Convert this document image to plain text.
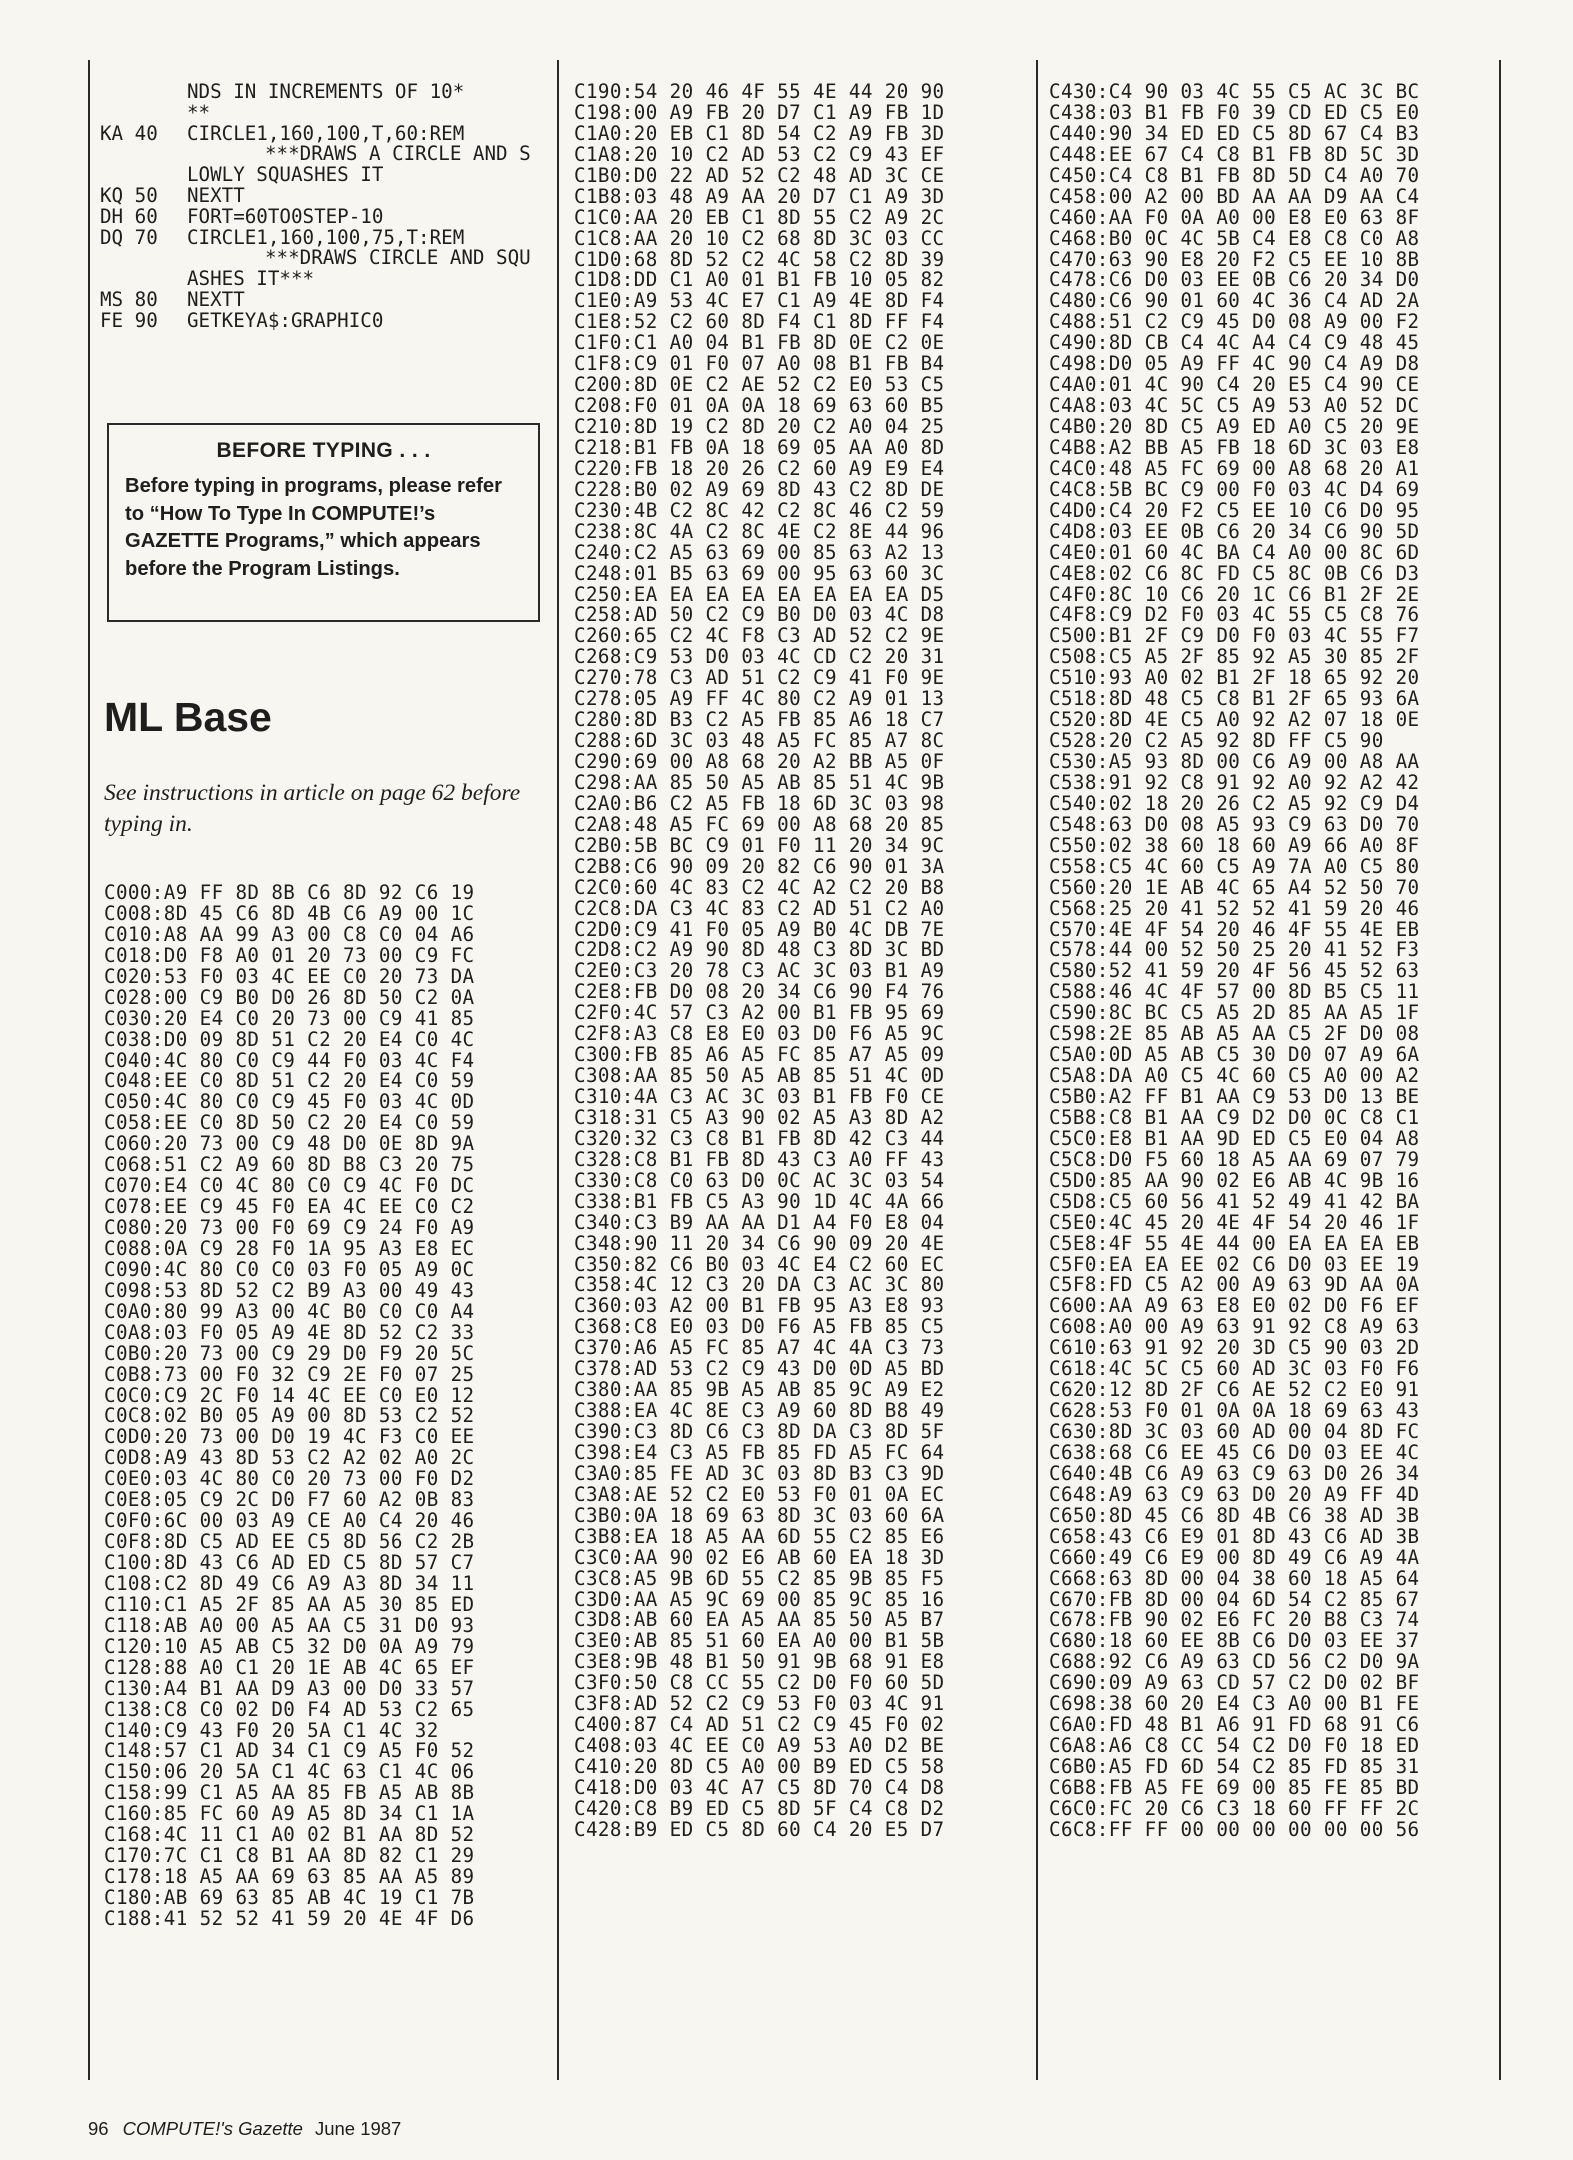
NDS IN INCREMENTS OF 10*
**
KA 40 CIRCLE1,160,100,T,60:REM
***DRAWS A CIRCLE AND S
LOWLY SQUASHES IT
KQ 50 NEXTT
DH 60 FORT=60TO0STEP-10
DQ 70 CIRCLE1,160,100,75,T:REM
***DRAWS CIRCLE AND SQU
ASHES IT***
MS 80 NEXTT
FE 90 GETKEYA$:GRAPHIC0
BEFORE TYPING . . .
Before typing in programs, please refer to “How To Type In COMPUTE!’s GAZETTE Programs,” which appears before the Program Listings.
ML Base
See instructions in article on page 62 before typing in.
C000:A9 FF 8D 8B C6 8D 92 C6 19
C008:8D 45 C6 8D 4B C6 A9 00 1C
C010:A8 AA 99 A3 00 C8 C0 04 A6
C018:D0 F8 A0 01 20 73 00 C9 FC
C020:53 F0 03 4C EE C0 20 73 DA
C028:00 C9 B0 D0 26 8D 50 C2 0A
C030:20 E4 C0 20 73 00 C9 41 85
C038:D0 09 8D 51 C2 20 E4 C0 4C
C040:4C 80 C0 C9 44 F0 03 4C F4
C048:EE C0 8D 51 C2 20 E4 C0 59
C050:4C 80 C0 C9 45 F0 03 4C 0D
C058:EE C0 8D 50 C2 20 E4 C0 59
C060:20 73 00 C9 48 D0 0E 8D 9A
C068:51 C2 A9 60 8D B8 C3 20 75
C070:E4 C0 4C 80 C0 C9 4C F0 DC
C078:EE C9 45 F0 EA 4C EE C0 C2
C080:20 73 00 F0 69 C9 24 F0 A9
C088:0A C9 28 F0 1A 95 A3 E8 EC
C090:4C 80 C0 C0 03 F0 05 A9 0C
C098:53 8D 52 C2 B9 A3 00 49 43
C0A0:80 99 A3 00 4C B0 C0 C0 A4
C0A8:03 F0 05 A9 4E 8D 52 C2 33
C0B0:20 73 00 C9 29 D0 F9 20 5C
C0B8:73 00 F0 32 C9 2E F0 07 25
C0C0:C9 2C F0 14 4C EE C0 E0 12
C0C8:02 B0 05 A9 00 8D 53 C2 52
C0D0:20 73 00 D0 19 4C F3 C0 EE
C0D8:A9 43 8D 53 C2 A2 02 A0 2C
C0E0:03 4C 80 C0 20 73 00 F0 D2
C0E8:05 C9 2C D0 F7 60 A2 0B 83
C0F0:6C 00 03 A9 CE A0 C4 20 46
C0F8:8D C5 AD EE C5 8D 56 C2 2B
C100:8D 43 C6 AD ED C5 8D 57 C7
C108:C2 8D 49 C6 A9 A3 8D 34 11
C110:C1 A5 2F 85 AA A5 30 85 ED
C118:AB A0 00 A5 AA C5 31 D0 93
C120:10 A5 AB C5 32 D0 0A A9 79
C128:88 A0 C1 20 1E AB 4C 65 EF
C130:A4 B1 AA D9 A3 00 D0 33 57
C138:C8 C0 02 D0 F4 AD 53 C2 65
C140:C9 43 F0 20 5A C1 4C 32
C148:57 C1 AD 34 C1 C9 A5 F0 52
C150:06 20 5A C1 4C 63 C1 4C 06
C158:99 C1 A5 AA 85 FB A5 AB 8B
C160:85 FC 60 A9 A5 8D 34 C1 1A
C168:4C 11 C1 A0 02 B1 AA 8D 52
C170:7C C1 C8 B1 AA 8D 82 C1 29
C178:18 A5 AA 69 63 85 AA A5 89
C180:AB 69 63 85 AB 4C 19 C1 7B
C188:41 52 52 41 59 20 4E 4F D6
C190:54 20 46 4F 55 4E 44 20 90
C198:00 A9 FB 20 D7 C1 A9 FB 1D
C1A0:20 EB C1 8D 54 C2 A9 FB 3D
C1A8:20 10 C2 AD 53 C2 C9 43 EF
C1B0:D0 22 AD 52 C2 48 AD 3C CE
C1B8:03 48 A9 AA 20 D7 C1 A9 3D
C1C0:AA 20 EB C1 8D 55 C2 A9 2C
C1C8:AA 20 10 C2 68 8D 3C 03 CC
C1D0:68 8D 52 C2 4C 58 C2 8D 39
C1D8:DD C1 A0 01 B1 FB 10 05 82
C1E0:A9 53 4C E7 C1 A9 4E 8D F4
C1E8:52 C2 60 8D F4 C1 8D FF F4
C1F0:C1 A0 04 B1 FB 8D 0E C2 0E
C1F8:C9 01 F0 07 A0 08 B1 FB B4
C200:8D 0E C2 AE 52 C2 E0 53 C5
C208:F0 01 0A 0A 18 69 63 60 B5
C210:8D 19 C2 8D 20 C2 A0 04 25
C218:B1 FB 0A 18 69 05 AA A0 8D
C220:FB 18 20 26 C2 60 A9 E9 E4
C228:B0 02 A9 69 8D 43 C2 8D DE
C230:4B C2 8C 42 C2 8C 46 C2 59
C238:8C 4A C2 8C 4E C2 8E 44 96
C240:C2 A5 63 69 00 85 63 A2 13
C248:01 B5 63 69 00 95 63 60 3C
C250:EA EA EA EA EA EA EA EA D5
C258:AD 50 C2 C9 B0 D0 03 4C D8
C260:65 C2 4C F8 C3 AD 52 C2 9E
C268:C9 53 D0 03 4C CD C2 20 31
C270:78 C3 AD 51 C2 C9 41 F0 9E
C278:05 A9 FF 4C 80 C2 A9 01 13
C280:8D B3 C2 A5 FB 85 A6 18 C7
C288:6D 3C 03 48 A5 FC 85 A7 8C
C290:69 00 A8 68 20 A2 BB A5 0F
C298:AA 85 50 A5 AB 85 51 4C 9B
C2A0:B6 C2 A5 FB 18 6D 3C 03 98
C2A8:48 A5 FC 69 00 A8 68 20 85
C2B0:5B BC C9 01 F0 11 20 34 9C
C2B8:C6 90 09 20 82 C6 90 01 3A
C2C0:60 4C 83 C2 4C A2 C2 20 B8
C2C8:DA C3 4C 83 C2 AD 51 C2 A0
C2D0:C9 41 F0 05 A9 B0 4C DB 7E
C2D8:C2 A9 90 8D 48 C3 8D 3C BD
C2E0:C3 20 78 C3 AC 3C 03 B1 A9
C2E8:FB D0 08 20 34 C6 90 F4 76
C2F0:4C 57 C3 A2 00 B1 FB 95 69
C2F8:A3 C8 E8 E0 03 D0 F6 A5 9C
C300:FB 85 A6 A5 FC 85 A7 A5 09
C308:AA 85 50 A5 AB 85 51 4C 0D
C310:4A C3 AC 3C 03 B1 FB F0 CE
C318:31 C5 A3 90 02 A5 A3 8D A2
C320:32 C3 C8 B1 FB 8D 42 C3 44
C328:C8 B1 FB 8D 43 C3 A0 FF 43
C330:C8 C0 63 D0 0C AC 3C 03 54
C338:B1 FB C5 A3 90 1D 4C 4A 66
C340:C3 B9 AA AA D1 A4 F0 E8 04
C348:90 11 20 34 C6 90 09 20 4E
C350:82 C6 B0 03 4C E4 C2 60 EC
C358:4C 12 C3 20 DA C3 AC 3C 80
C360:03 A2 00 B1 FB 95 A3 E8 93
C368:C8 E0 03 D0 F6 A5 FB 85 C5
C370:A6 A5 FC 85 A7 4C 4A C3 73
C378:AD 53 C2 C9 43 D0 0D A5 BD
C380:AA 85 9B A5 AB 85 9C A9 E2
C388:EA 4C 8E C3 A9 60 8D B8 49
C390:C3 8D C6 C3 8D DA C3 8D 5F
C398:E4 C3 A5 FB 85 FD A5 FC 64
C3A0:85 FE AD 3C 03 8D B3 C3 9D
C3A8:AE 52 C2 E0 53 F0 01 0A EC
C3B0:0A 18 69 63 8D 3C 03 60 6A
C3B8:EA 18 A5 AA 6D 55 C2 85 E6
C3C0:AA 90 02 E6 AB 60 EA 18 3D
C3C8:A5 9B 6D 55 C2 85 9B 85 F5
C3D0:AA A5 9C 69 00 85 9C 85 16
C3D8:AB 60 EA A5 AA 85 50 A5 B7
C3E0:AB 85 51 60 EA A0 00 B1 5B
C3E8:9B 48 B1 50 91 9B 68 91 E8
C3F0:50 C8 CC 55 C2 D0 F0 60 5D
C3F8:AD 52 C2 C9 53 F0 03 4C 91
C400:87 C4 AD 51 C2 C9 45 F0 02
C408:03 4C EE C0 A9 53 A0 D2 BE
C410:20 8D C5 A0 00 B9 ED C5 58
C418:D0 03 4C A7 C5 8D 70 C4 D8
C420:C8 B9 ED C5 8D 5F C4 C8 D2
C428:B9 ED C5 8D 60 C4 20 E5 D7
C430:C4 90 03 4C 55 C5 AC 3C BC
C438:03 B1 FB F0 39 CD ED C5 E0
C440:90 34 ED ED C5 8D 67 C4 B3
C448:EE 67 C4 C8 B1 FB 8D 5C 3D
C450:C4 C8 B1 FB 8D 5D C4 A0 70
C458:00 A2 00 BD AA AA D9 AA C4
C460:AA F0 0A A0 00 E8 E0 63 8F
C468:B0 0C 4C 5B C4 E8 C8 C0 A8
C470:63 90 E8 20 F2 C5 EE 10 8B
C478:C6 D0 03 EE 0B C6 20 34 D0
C480:C6 90 01 60 4C 36 C4 AD 2A
C488:51 C2 C9 45 D0 08 A9 00 F2
C490:8D CB C4 4C A4 C4 C9 48 45
C498:D0 05 A9 FF 4C 90 C4 A9 D8
C4A0:01 4C 90 C4 20 E5 C4 90 CE
C4A8:03 4C 5C C5 A9 53 A0 52 DC
C4B0:20 8D C5 A9 ED A0 C5 20 9E
C4B8:A2 BB A5 FB 18 6D 3C 03 E8
C4C0:48 A5 FC 69 00 A8 68 20 A1
C4C8:5B BC C9 00 F0 03 4C D4 69
C4D0:C4 20 F2 C5 EE 10 C6 D0 95
C4D8:03 EE 0B C6 20 34 C6 90 5D
C4E0:01 60 4C BA C4 A0 00 8C 6D
C4E8:02 C6 8C FD C5 8C 0B C6 D3
C4F0:8C 10 C6 20 1C C6 B1 2F 2E
C4F8:C9 D2 F0 03 4C 55 C5 C8 76
C500:B1 2F C9 D0 F0 03 4C 55 F7
C508:C5 A5 2F 85 92 A5 30 85 2F
C510:93 A0 02 B1 2F 18 65 92 20
C518:8D 48 C5 C8 B1 2F 65 93 6A
C520:8D 4E C5 A0 92 A2 07 18 0E
C528:20 C2 A5 92 8D FF C5 90
C530:A5 93 8D 00 C6 A9 00 A8 AA
C538:91 92 C8 91 92 A0 92 A2 42
C540:02 18 20 26 C2 A5 92 C9 D4
C548:63 D0 08 A5 93 C9 63 D0 70
C550:02 38 60 18 60 A9 66 A0 8F
C558:C5 4C 60 C5 A9 7A A0 C5 80
C560:20 1E AB 4C 65 A4 52 50 70
C568:25 20 41 52 52 41 59 20 46
C570:4E 4F 54 20 46 4F 55 4E EB
C578:44 00 52 50 25 20 41 52 F3
C580:52 41 59 20 4F 56 45 52 63
C588:46 4C 4F 57 00 8D B5 C5 11
C590:8C BC C5 A5 2D 85 AA A5 1F
C598:2E 85 AB A5 AA C5 2F D0 08
C5A0:0D A5 AB C5 30 D0 07 A9 6A
C5A8:DA A0 C5 4C 60 C5 A0 00 A2
C5B0:A2 FF B1 AA C9 53 D0 13 BE
C5B8:C8 B1 AA C9 D2 D0 0C C8 C1
C5C0:E8 B1 AA 9D ED C5 E0 04 A8
C5C8:D0 F5 60 18 A5 AA 69 07 79
C5D0:85 AA 90 02 E6 AB 4C 9B 16
C5D8:C5 60 56 41 52 49 41 42 BA
C5E0:4C 45 20 4E 4F 54 20 46 1F
C5E8:4F 55 4E 44 00 EA EA EA EB
C5F0:EA EA EE 02 C6 D0 03 EE 19
C5F8:FD C5 A2 00 A9 63 9D AA 0A
C600:AA A9 63 E8 E0 02 D0 F6 EF
C608:A0 00 A9 63 91 92 C8 A9 63
C610:63 91 92 20 3D C5 90 03 2D
C618:4C 5C C5 60 AD 3C 03 F0 F6
C620:12 8D 2F C6 AE 52 C2 E0 91
C628:53 F0 01 0A 0A 18 69 63 43
C630:8D 3C 03 60 AD 00 04 8D FC
C638:68 C6 EE 45 C6 D0 03 EE 4C
C640:4B C6 A9 63 C9 63 D0 26 34
C648:A9 63 C9 63 D0 20 A9 FF 4D
C650:8D 45 C6 8D 4B C6 38 AD 3B
C658:43 C6 E9 01 8D 43 C6 AD 3B
C660:49 C6 E9 00 8D 49 C6 A9 4A
C668:63 8D 00 04 38 60 18 A5 64
C670:FB 8D 00 04 6D 54 C2 85 67
C678:FB 90 02 E6 FC 20 B8 C3 74
C680:18 60 EE 8B C6 D0 03 EE 37
C688:92 C6 A9 63 CD 56 C2 D0 9A
C690:09 A9 63 CD 57 C2 D0 02 BF
C698:38 60 20 E4 C3 A0 00 B1 FE
C6A0:FD 48 B1 A6 91 FD 68 91 C6
C6A8:A6 C8 CC 54 C2 D0 F0 18 ED
C6B0:A5 FD 6D 54 C2 85 FD 85 31
C6B8:FB A5 FE 69 00 85 FE 85 BD
C6C0:FC 20 C6 C3 18 60 FF FF 2C
C6C8:FF FF 00 00 00 00 00 00 56
96 COMPUTE!'s Gazette June 1987
